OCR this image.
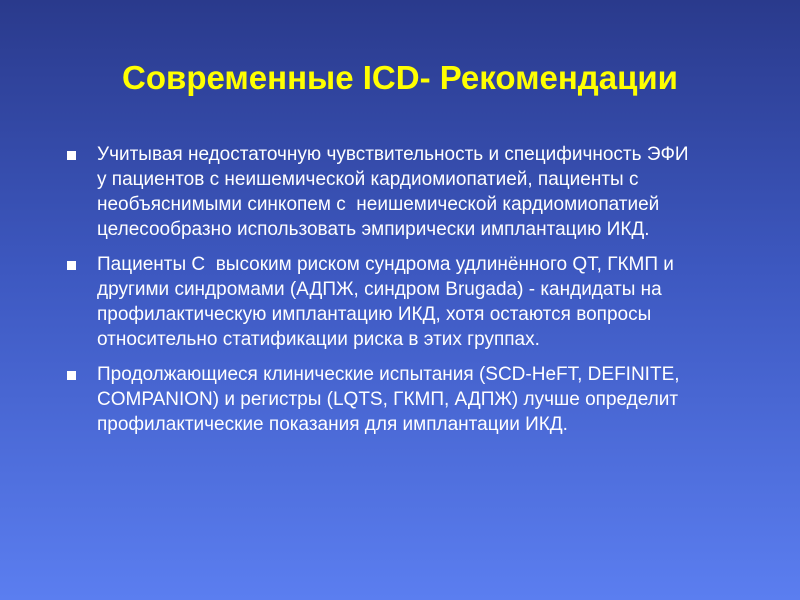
Современные ICD- Рекомендации
Учитывая недостаточную чувствительность и специфичность ЭФИ
у пациентов с неишемической кардиомиопатией, пациенты с
необъяснимыми синкопем с  неишемической кардиомиопатией
целесообразно использовать эмпирически имплантацию ИКД.
Пациенты С  высоким риском сундрома удлинённого QT, ГКМП и
другими синдромами (АДПЖ, синдром Brugada) - кандидаты на
профилактическую имплантацию ИКД, хотя остаются вопросы
относительно статификации риска в этих группах.
Продолжающиеся клинические испытания (SCD-HeFT, DEFINITE,
COMPANION) и регистры (LQTS, ГКМП, АДПЖ) лучше определит
профилактические показания для имплантации ИКД.
